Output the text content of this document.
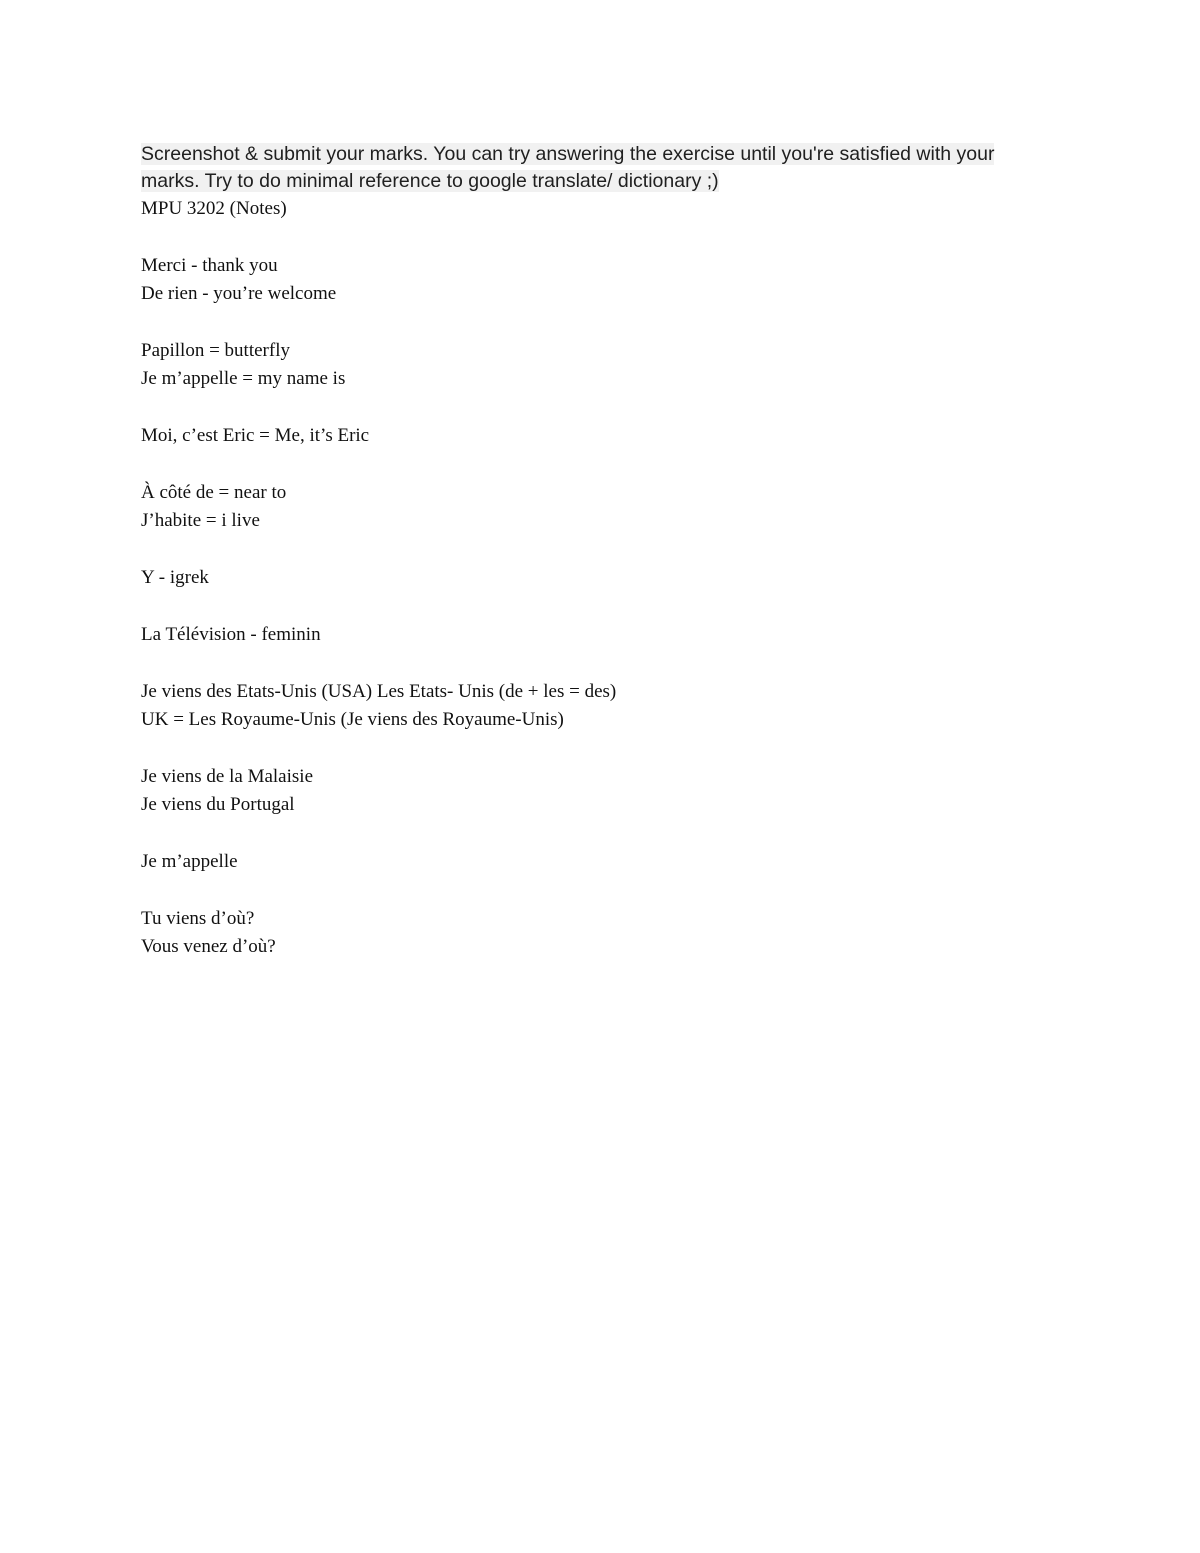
Screenshot & submit your marks. You can try answering the exercise until you're satisfied with your marks. Try to do minimal reference to google translate/ dictionary ;)

MPU 3202 (Notes)
Merci - thank you
De rien - you’re welcome
Papillon = butterfly
Je m’appelle = my name is
Moi, c’est Eric = Me, it’s Eric
À côté de = near to
J’habite = i live
Y - igrek
La Télévision - feminin
Je viens des Etats-Unis (USA) Les Etats- Unis (de + les = des)
UK = Les Royaume-Unis (Je viens des Royaume-Unis)
Je viens de la Malaisie
Je viens du Portugal
Je m’appelle
Tu viens d’où?
Vous venez d’où?
